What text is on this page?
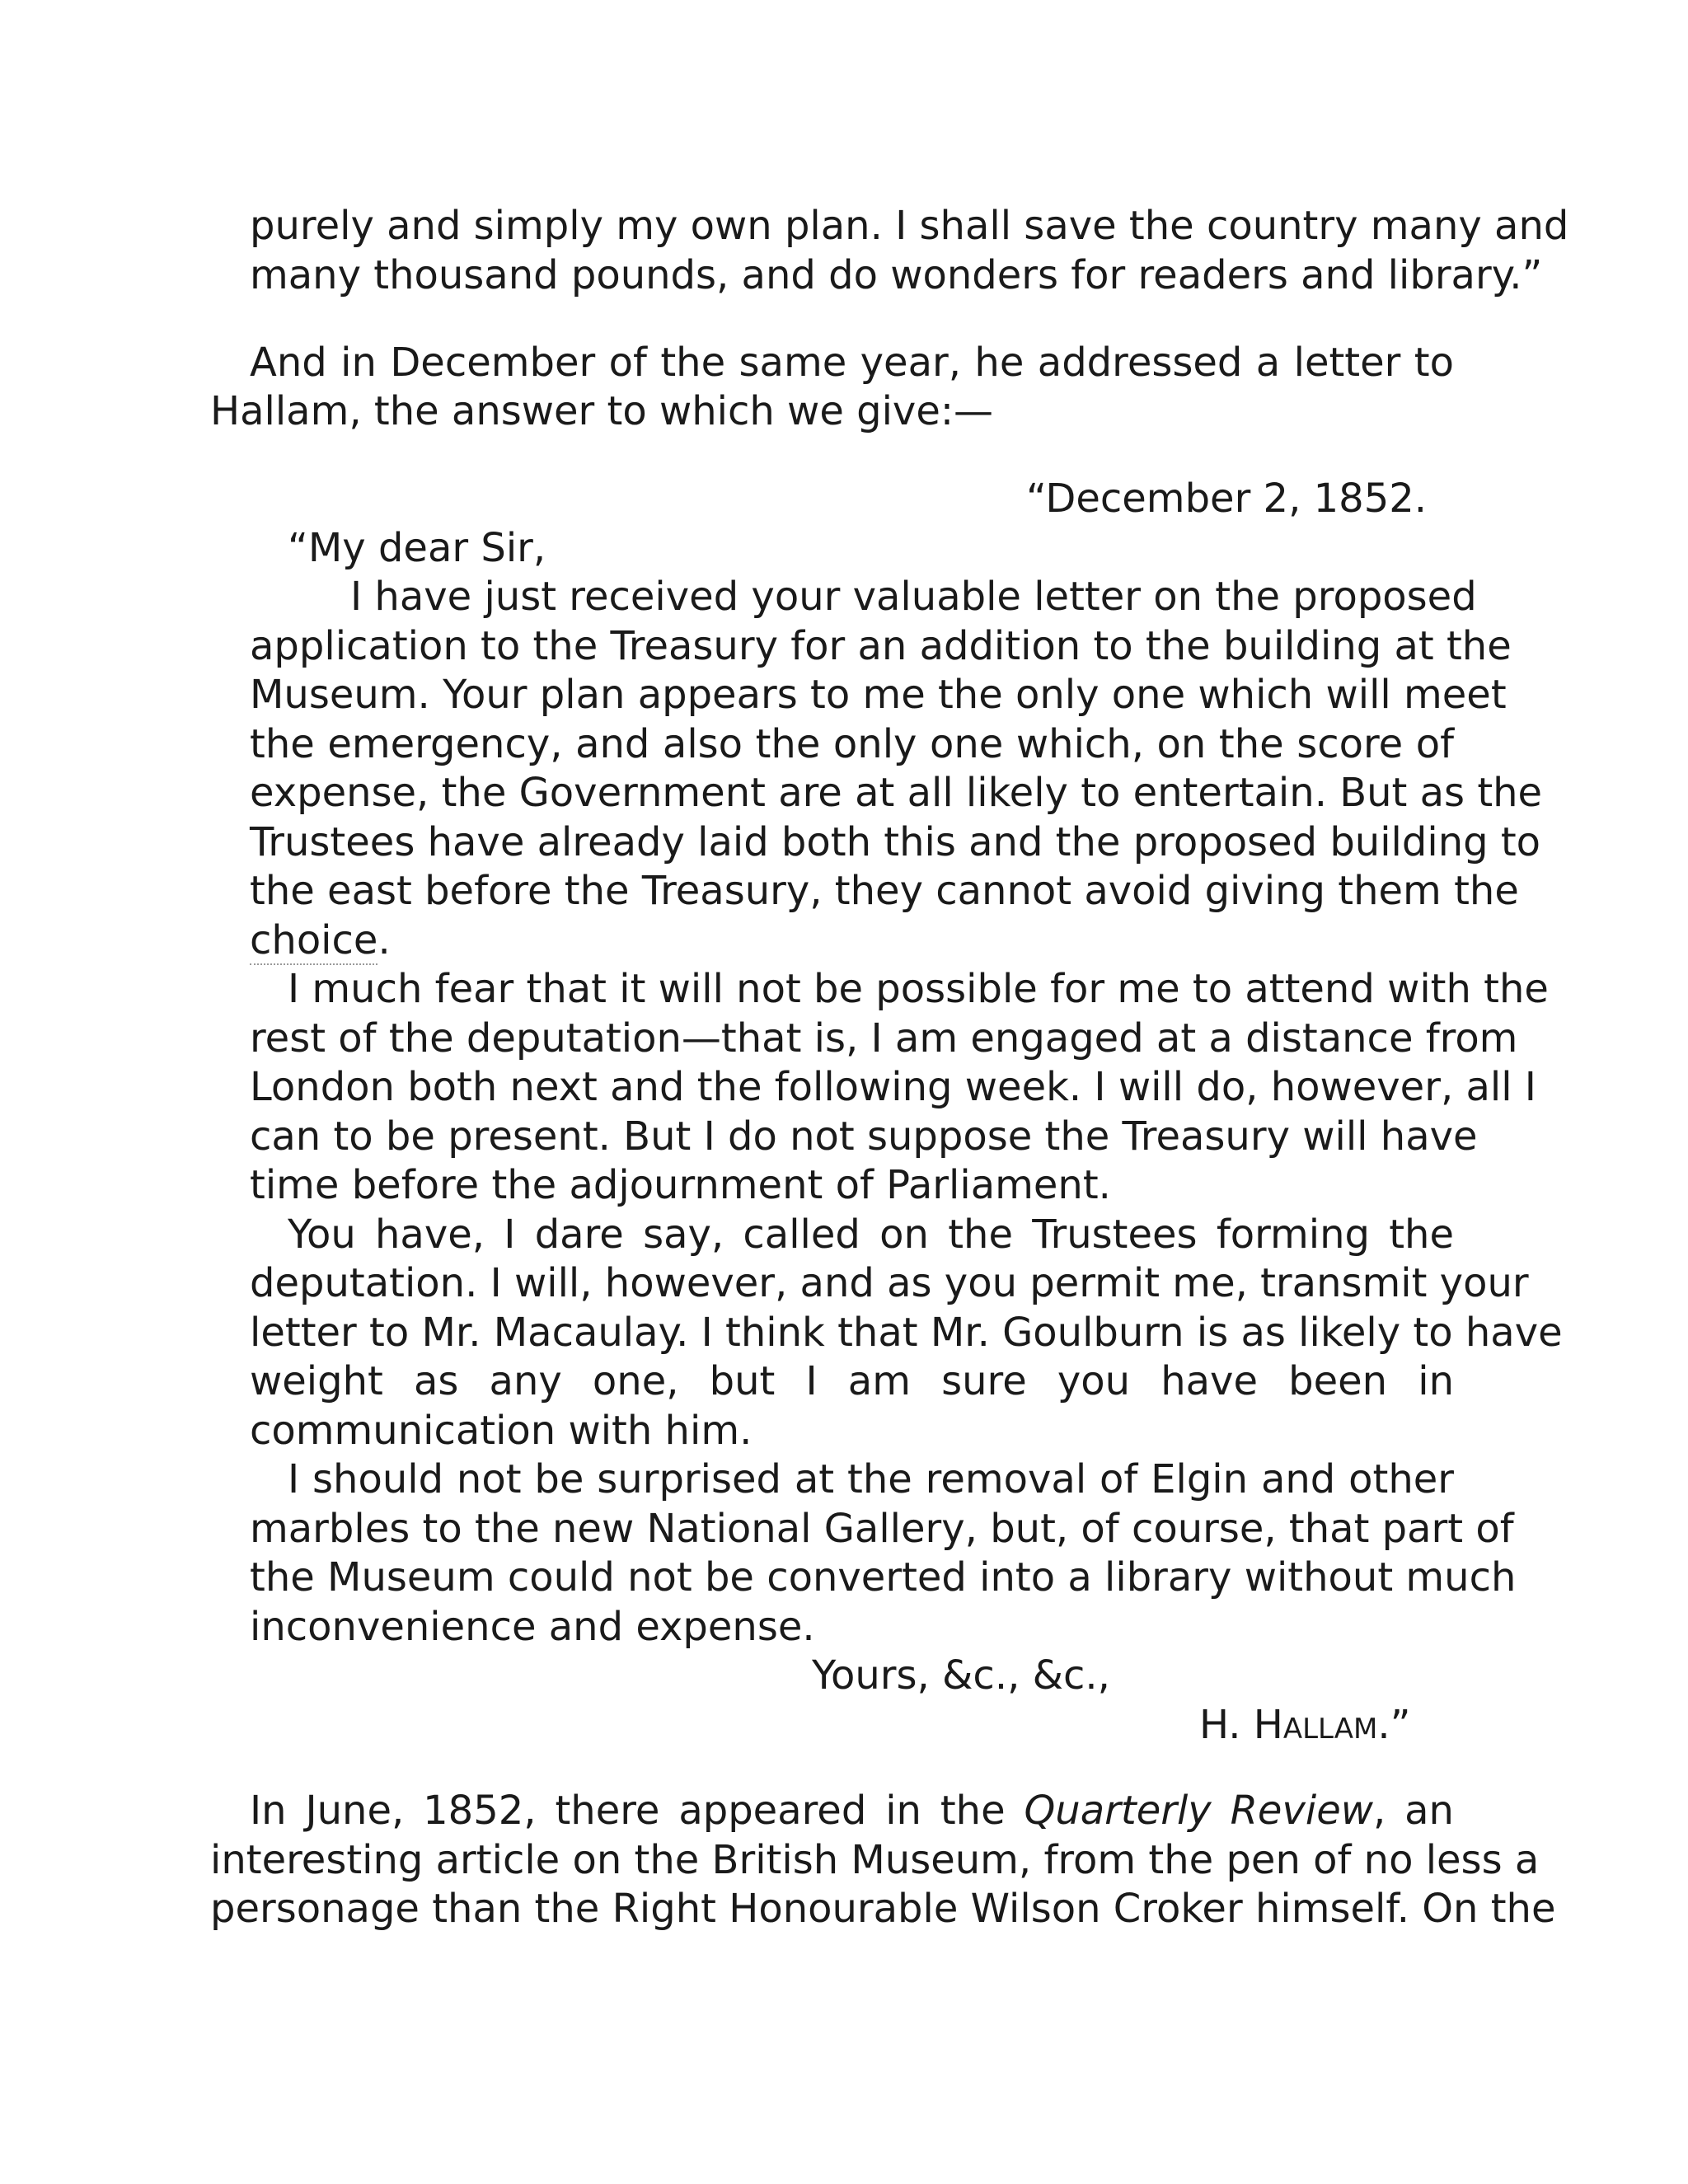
purely and simply my own plan. I shall save the country many and

many thousand pounds, and do wonders for readers and library.”

And in December of the same year, he addressed a letter to

Hallam, the answer to which we give:—

“December 2, 1852.

“My dear Sir,

I have just received your valuable letter on the proposed

application to the Treasury for an addition to the building at the

Museum. Your plan appears to me the only one which will meet

the emergency, and also the only one which, on the score of

expense, the Government are at all likely to entertain. But as the

Trustees have already laid both this and the proposed building to

the east before the Treasury, they cannot avoid giving them the

choice.

I much fear that it will not be possible for me to attend with the

rest of the deputation—that is, I am engaged at a distance from

London both next and the following week. I will do, however, all I

can to be present. But I do not suppose the Treasury will have

time before the adjournment of Parliament.

You have, I dare say, called on the Trustees forming the

deputation. I will, however, and as you permit me, transmit your

letter to Mr. Macaulay. I think that Mr. Goulburn is as likely to have

weight as any one, but I am sure you have been in

communication with him.

I should not be surprised at the removal of Elgin and other

marbles to the new National Gallery, but, of course, that part of

the Museum could not be converted into a library without much

inconvenience and expense.

Yours, &c., &c.,

H. Hallam.”

In June, 1852, there appeared in the Quarterly Review, an

interesting article on the British Museum, from the pen of no less a

personage than the Right Honourable Wilson Croker himself. On the
